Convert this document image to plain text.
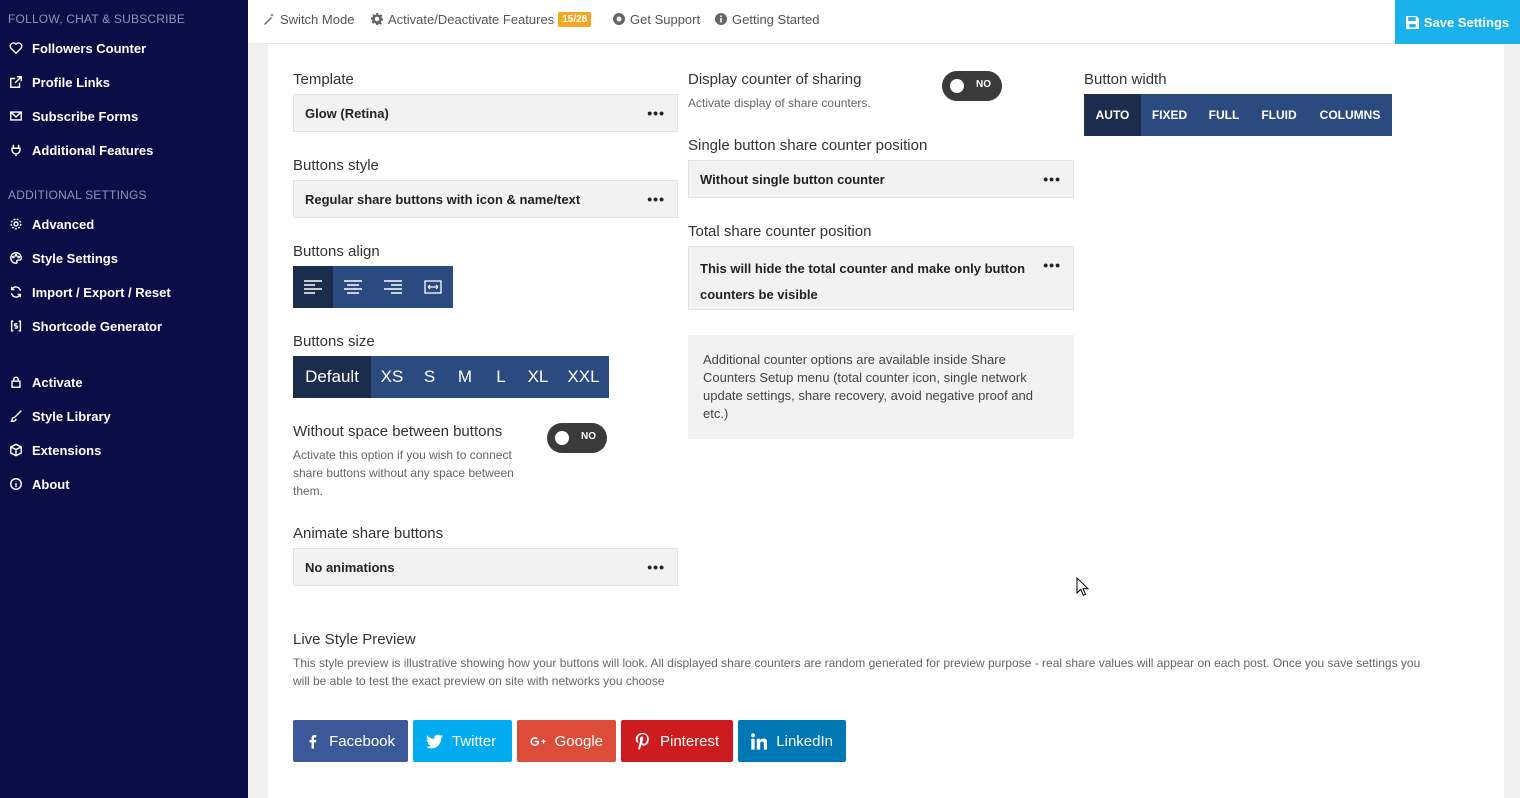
FOLLOW, CHAT & SUBSCRIBE
Followers Counter
Profile Links
Subscribe Forms
Additional Features
ADDITIONAL SETTINGS
Advanced
Style Settings
Import / Export / Reset
Shortcode Generator
Activate
Style Library
Extensions
About
Switch Mode	Activate/Deactivate Features 15/28	Get Support Getting Started	Save Settings
Template
Glow (Retina)	•••
Buttons style
Regular share buttons with icon & name/text	•••
Buttons align
Buttons size
Default	XS	S	M	L	XL	XXL
Without space between buttons
Activate this option if you wish to connect
share buttons without any space between
them.
NO
Animate share buttons
No animations	•••
Display counter of sharing
Activate display of share counters.
NO
Single button share counter position
Without single button counter	•••
Total share counter position
This will hide the total counter and make only button counters be visible
•••
Additional counter options are available inside Share Counters Setup menu (total counter icon, single network update settings, share recovery, avoid negative proof and etc.)
Button width
AUTO	FIXED	FULL	FLUID	COLUMNS
Live Style Preview
This style preview is illustrative showing how your buttons will look. All displayed share counters are random generated for preview purpose - real share values will appear on each post. Once you save settings you
will be able to test the exact preview on site with networks you choose
Facebook	Twitter	Google	Pinterest	LinkedIn
